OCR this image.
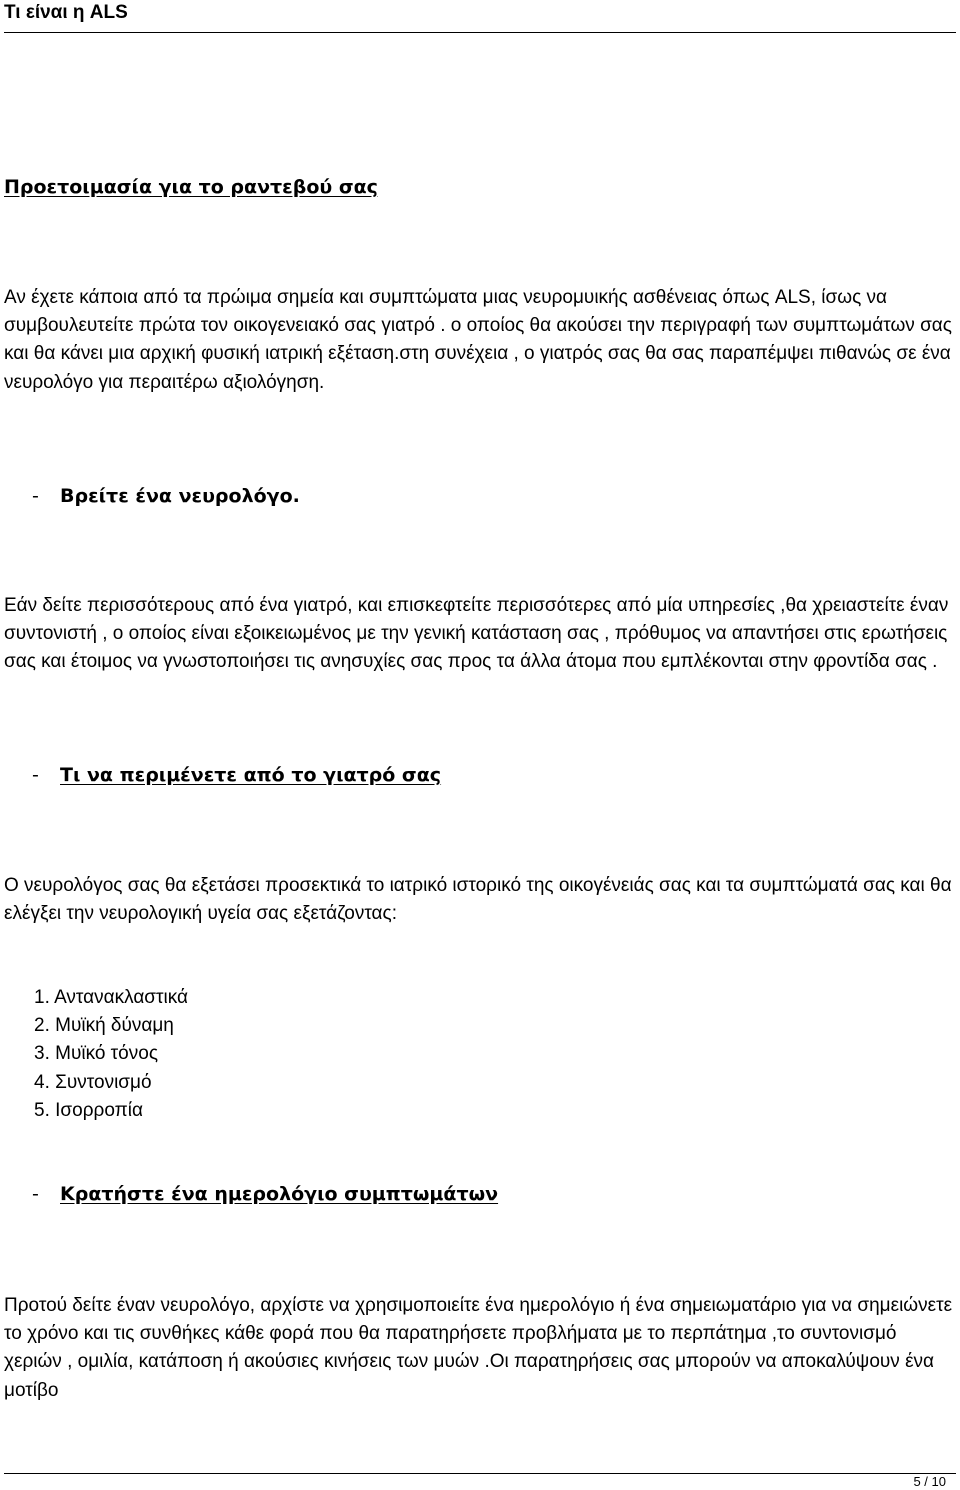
Τι είναι η ALS
Προετοιμασία για το ραντεβού σας
Αν έχετε κάποια από τα πρώιμα σημεία και συμπτώματα μιας νευρομυικής ασθένειας όπως ALS, ίσως να συμβουλευτείτε πρώτα τον οικογενειακό σας γιατρό . ο οποίος θα ακούσει την περιγραφή των συμπτωμάτων σας και θα κάνει μια αρχική φυσική ιατρική εξέταση.στη συνέχεια , ο γιατρός σας θα σας παραπέμψει πιθανώς σε ένα νευρολόγο για περαιτέρω αξιολόγηση.
- Βρείτε ένα νευρολόγο.
Εάν δείτε περισσότερους από ένα γιατρό, και επισκεφτείτε περισσότερες από μία υπηρεσίες ,θα χρειαστείτε έναν συντονιστή , ο οποίος είναι εξοικειωμένος με την γενική κατάσταση σας , πρόθυμος να απαντήσει στις ερωτήσεις σας και έτοιμος να γνωστοποιήσει τις ανησυχίες σας προς τα άλλα άτομα που εμπλέκονται στην φροντίδα σας .
- Τι να περιμένετε από το γιατρό σας
Ο νευρολόγος σας θα εξετάσει προσεκτικά το ιατρικό ιστορικό της οικογένειάς σας και τα συμπτώματά σας και θα ελέγξει την νευρολογική υγεία σας εξετάζοντας:
1. Αντανακλαστικά
2. Μυϊκή δύναμη
3. Μυϊκό τόνος
4. Συντονισμό
5. Ισορροπία
- Κρατήστε ένα ημερολόγιο συμπτωμάτων
Προτού δείτε έναν νευρολόγο, αρχίστε να χρησιμοποιείτε ένα ημερολόγιο ή ένα σημειωματάριο για να σημειώνετε το χρόνο και τις συνθήκες κάθε φορά που θα παρατηρήσετε προβλήματα με το περπάτημα ,το συντονισμό χεριών , ομιλία, κατάποση ή ακούσιες κινήσεις των μυών .Οι παρατηρήσεις σας μπορούν να αποκαλύψουν ένα μοτίβο
5 / 10
